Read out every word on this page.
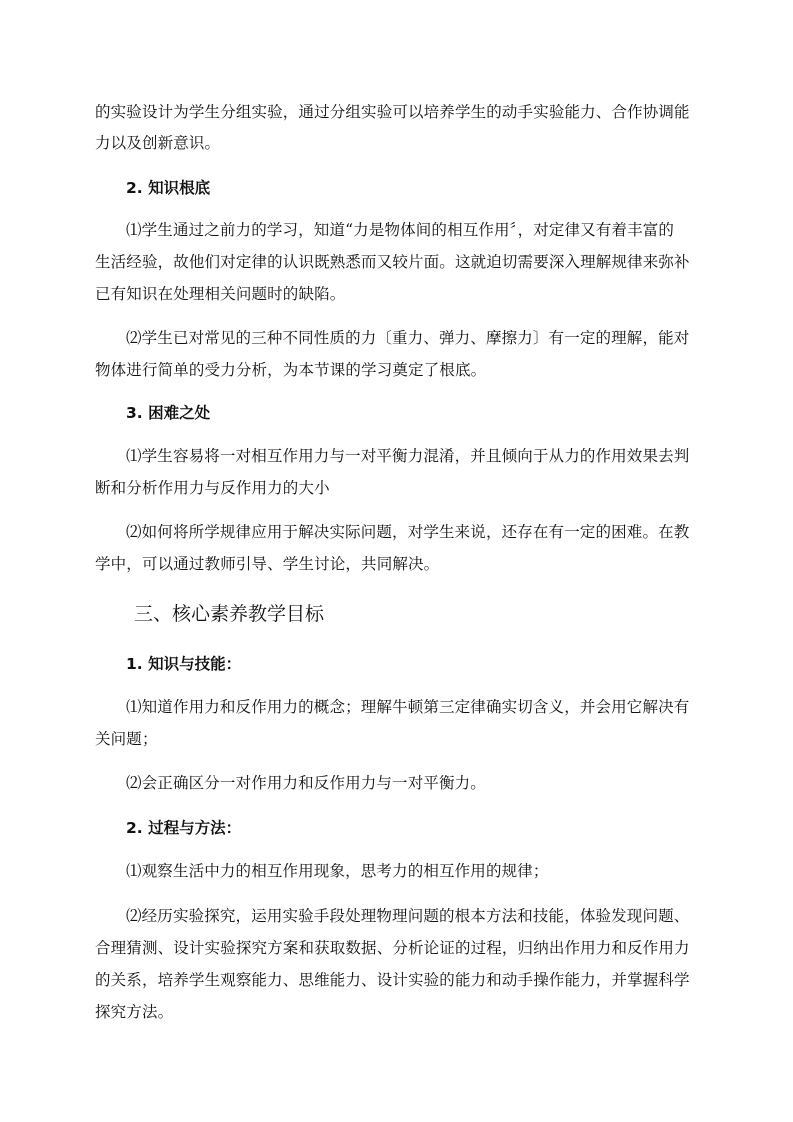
的实验设计为学生分组实验，通过分组实验可以培养学生的动手实验能力、合作协调能
力以及创新意识。
2. 知识根底
⑴学生通过之前力的学习，知道“力是物体间的相互作用〞，对定律又有着丰富的
生活经验，故他们对定律的认识既熟悉而又较片面。这就迫切需要深入理解规律来弥补
已有知识在处理相关问题时的缺陷。
⑵学生已对常见的三种不同性质的力〔重力、弹力、摩擦力〕有一定的理解，能对
物体进行简单的受力分析，为本节课的学习奠定了根底。
3. 困难之处
⑴学生容易将一对相互作用力与一对平衡力混淆，并且倾向于从力的作用效果去判
断和分析作用力与反作用力的大小
⑵如何将所学规律应用于解决实际问题，对学生来说，还存在有一定的困难。在教
学中，可以通过教师引导、学生讨论，共同解决。
三、核心素养教学目标
1. 知识与技能：
⑴知道作用力和反作用力的概念；理解牛顿第三定律确实切含义，并会用它解决有
关问题；
⑵会正确区分一对作用力和反作用力与一对平衡力。
2. 过程与方法：
⑴观察生活中力的相互作用现象，思考力的相互作用的规律；
⑵经历实验探究，运用实验手段处理物理问题的根本方法和技能，体验发现问题、
合理猜测、设计实验探究方案和获取数据、分析论证的过程，归纳出作用力和反作用力
的关系，培养学生观察能力、思维能力、设计实验的能力和动手操作能力，并掌握科学
探究方法。
